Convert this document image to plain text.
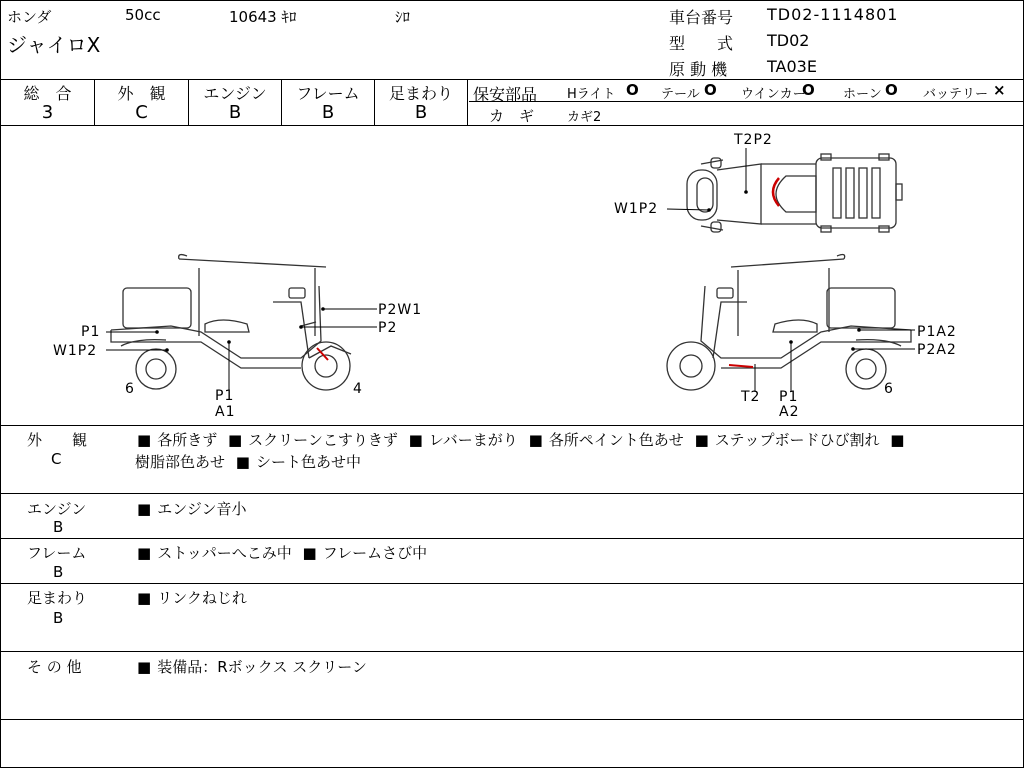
ホンダ	50cc	10643 ｷﾛ	ｼﾛ
ジャイロX
車台番号 TD02-1114801
型　　式 TD02
原 動 機 TA03E
総　合
3
外　観
C
エンジン
B
フレーム
B
足まわり
B
保安部品 Hライト O テール O ウインカー
O ホーン O バッテリー ×
カ　ギ	カギ2
T2P2
W1P2
P1
W1P2
6	P1
A1
P2W1
P2
4	T2 P1
A2
P1A2
P2A2
6
外　　観
C
■ 各所きず ■ スクリーンこすりきず ■ レバーまがり ■ 各所ペイント色あせ ■ ステップボードひび割れ ■
樹脂部色あせ ■ シート色あせ中
エンジン
B
■ エンジン音小
フレーム
B
■ ストッパーへこみ中 ■ フレームさび中
足まわり
B
■ リンクねじれ
そ の 他	■ 装備品：Rボックス スクリーン
